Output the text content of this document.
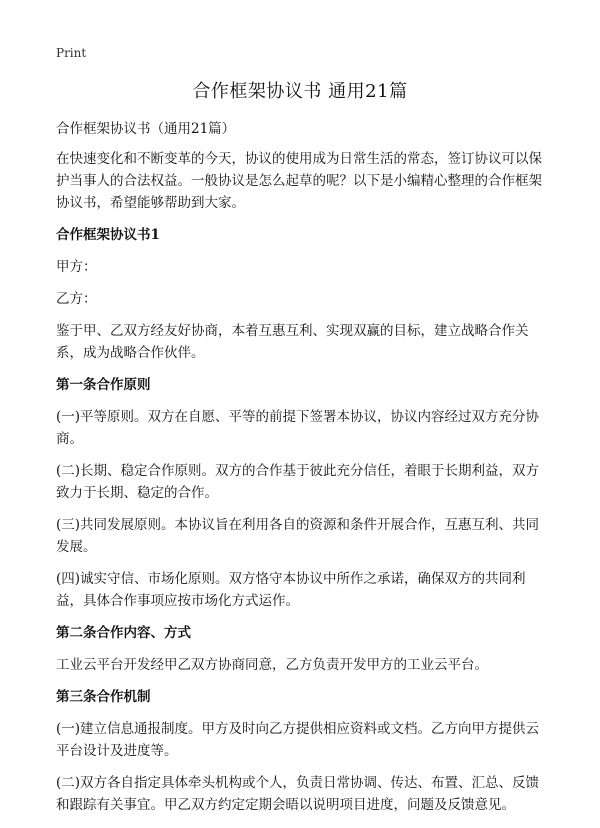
Print
合作框架协议书 通用21篇

合作框架协议书（通用21篇）

在快速变化和不断变革的今天，协议的使用成为日常生活的常态，签订协议可以保护当事人的合法权益。一般协议是怎么起草的呢？以下是小编精心整理的合作框架协议书，希望能够帮助到大家。

合作框架协议书1

甲方：

乙方：

鉴于甲、乙双方经友好协商，本着互惠互利、实现双赢的目标，建立战略合作关系，成为战略合作伙伴。

第一条合作原则

(一)平等原则。双方在自愿、平等的前提下签署本协议，协议内容经过双方充分协商。

(二)长期、稳定合作原则。双方的合作基于彼此充分信任，着眼于长期利益，双方致力于长期、稳定的合作。

(三)共同发展原则。本协议旨在利用各自的资源和条件开展合作，互惠互利、共同发展。

(四)诚实守信、市场化原则。双方恪守本协议中所作之承诺，确保双方的共同利益，具体合作事项应按市场化方式运作。

第二条合作内容、方式

工业云平台开发经甲乙双方协商同意，乙方负责开发甲方的工业云平台。

第三条合作机制

(一)建立信息通报制度。甲方及时向乙方提供相应资料或文档。乙方向甲方提供云平台设计及进度等。

(二)双方各自指定具体牵头机构或个人，负责日常协调、传达、布置、汇总、反馈和跟踪有关事宜。甲乙双方约定定期会晤以说明项目进度，问题及反馈意见。
